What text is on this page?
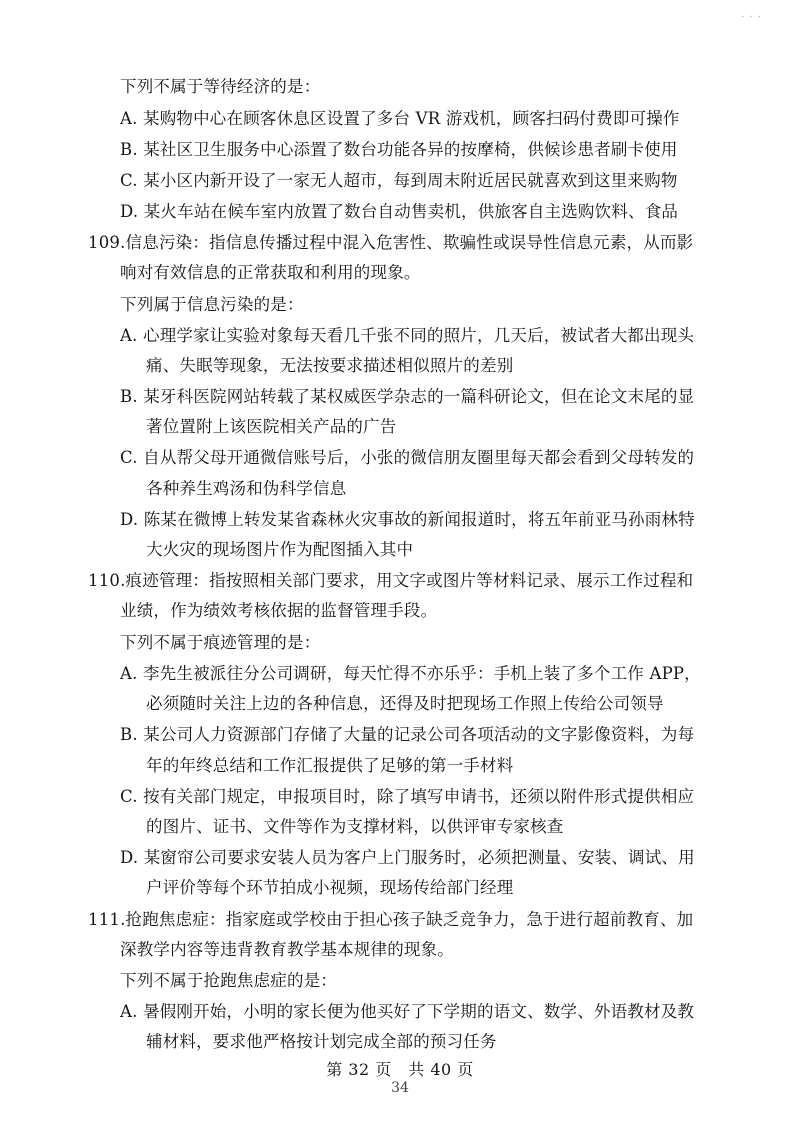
· · ·
下列不属于等待经济的是：
A. 某购物中心在顾客休息区设置了多台 VR 游戏机，顾客扫码付费即可操作
B. 某社区卫生服务中心添置了数台功能各异的按摩椅，供候诊患者刷卡使用
C. 某小区内新开设了一家无人超市，每到周末附近居民就喜欢到这里来购物
D. 某火车站在候车室内放置了数台自动售卖机，供旅客自主选购饮料、食品
109.信息污染：指信息传播过程中混入危害性、欺骗性或误导性信息元素，从而影
响对有效信息的正常获取和利用的现象。
下列属于信息污染的是：
A. 心理学家让实验对象每天看几千张不同的照片，几天后，被试者大都出现头
痛、失眠等现象，无法按要求描述相似照片的差别
B. 某牙科医院网站转载了某权威医学杂志的一篇科研论文，但在论文末尾的显
著位置附上该医院相关产品的广告
C. 自从帮父母开通微信账号后，小张的微信朋友圈里每天都会看到父母转发的
各种养生鸡汤和伪科学信息
D. 陈某在微博上转发某省森林火灾事故的新闻报道时，将五年前亚马孙雨林特
大火灾的现场图片作为配图插入其中
110.痕迹管理：指按照相关部门要求，用文字或图片等材料记录、展示工作过程和
业绩，作为绩效考核依据的监督管理手段。
下列不属于痕迹管理的是：
A. 李先生被派往分公司调研，每天忙得不亦乐乎：手机上装了多个工作 APP，
必须随时关注上边的各种信息，还得及时把现场工作照上传给公司领导
B. 某公司人力资源部门存储了大量的记录公司各项活动的文字影像资料，为每
年的年终总结和工作汇报提供了足够的第一手材料
C. 按有关部门规定，申报项目时，除了填写申请书，还须以附件形式提供相应
的图片、证书、文件等作为支撑材料，以供评审专家核查
D. 某窗帘公司要求安装人员为客户上门服务时，必须把测量、安装、调试、用
户评价等每个环节拍成小视频，现场传给部门经理
111.抢跑焦虑症：指家庭或学校由于担心孩子缺乏竞争力，急于进行超前教育、加
深教学内容等违背教育教学基本规律的现象。
下列不属于抢跑焦虑症的是：
A. 暑假刚开始，小明的家长便为他买好了下学期的语文、数学、外语教材及教
辅材料，要求他严格按计划完成全部的预习任务
第 32 页　共 40 页
34
